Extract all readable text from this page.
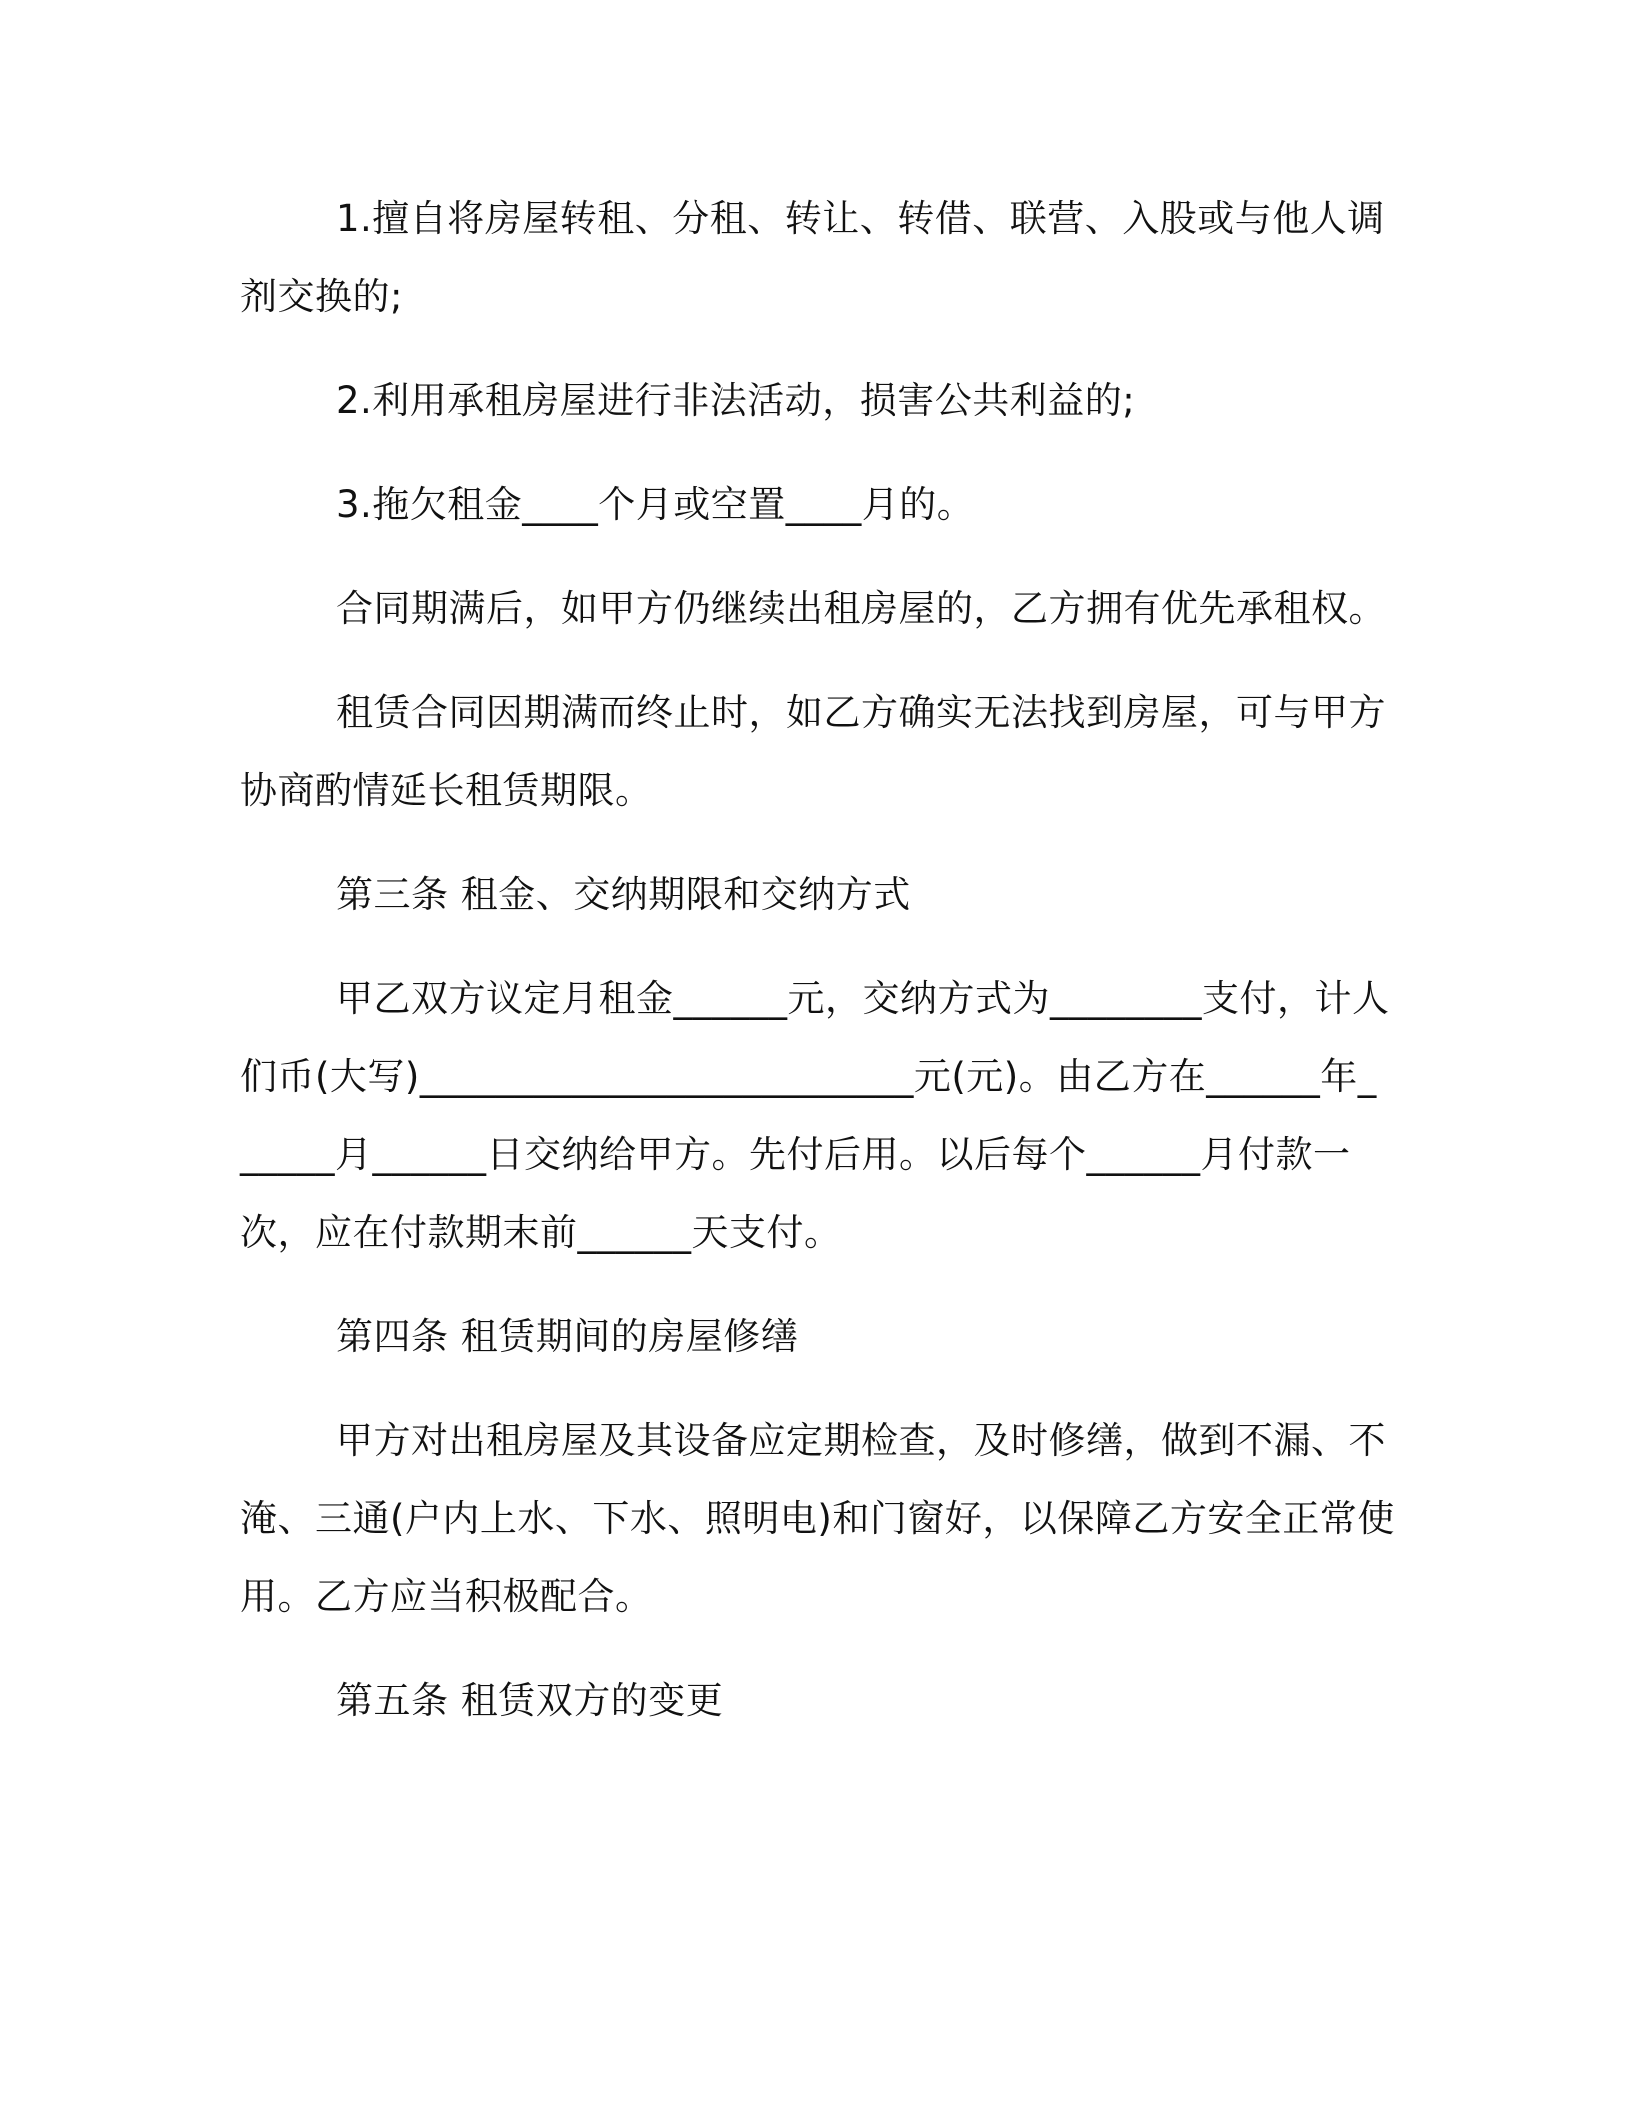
1.擅自将房屋转租、分租、转让、转借、联营、入股或与他人调剂交换的;

2.利用承租房屋进行非法活动，损害公共利益的;

3.拖欠租金____个月或空置____月的。

合同期满后，如甲方仍继续出租房屋的，乙方拥有优先承租权。

租赁合同因期满而终止时，如乙方确实无法找到房屋，可与甲方协商酌情延长租赁期限。

第三条 租金、交纳期限和交纳方式

甲乙双方议定月租金______元，交纳方式为________支付，计人们币(大写)__________________________元(元)。由乙方在______年______月______日交纳给甲方。先付后用。以后每个______月付款一次，应在付款期末前______天支付。

第四条 租赁期间的房屋修缮

甲方对出租房屋及其设备应定期检查，及时修缮，做到不漏、不淹、三通(户内上水、下水、照明电)和门窗好，以保障乙方安全正常使用。乙方应当积极配合。

第五条 租赁双方的变更
